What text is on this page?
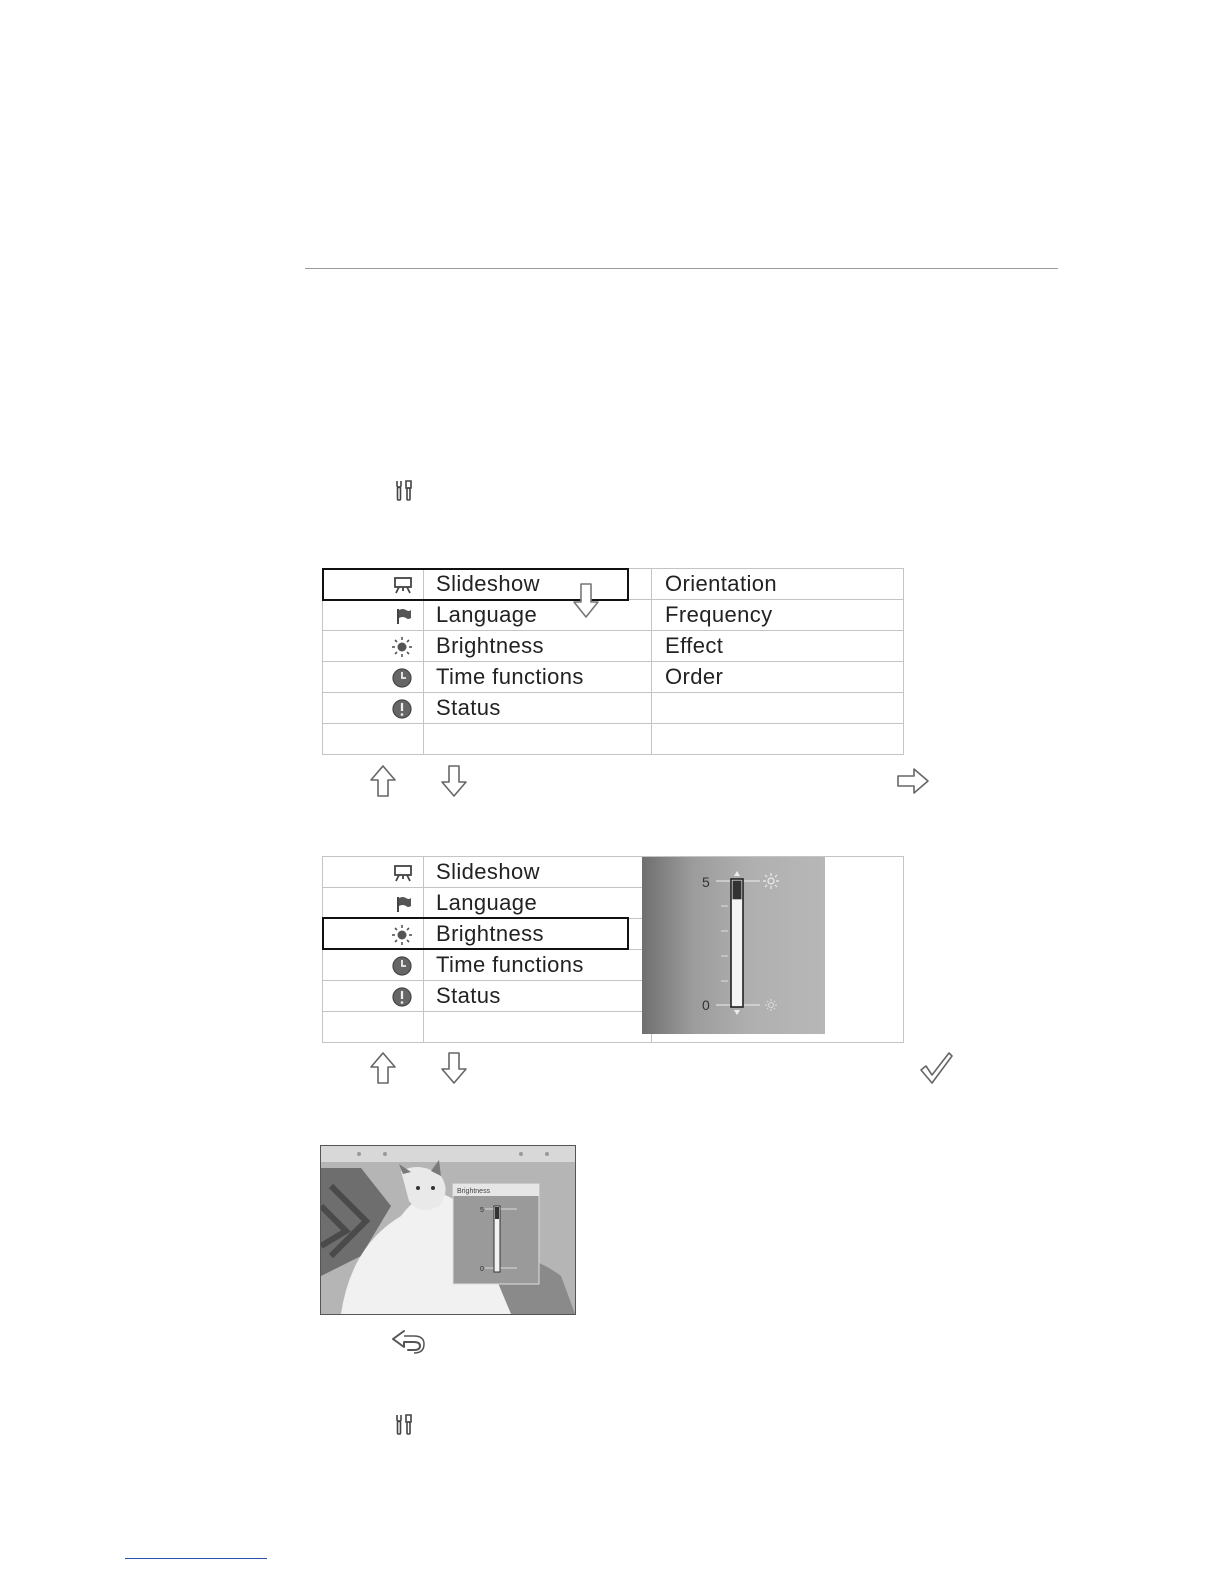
	Slideshow	Orientation
	Language	Frequency
	Brightness	Effect
	Time functions	Order
	Status	

	Slideshow	
	Language	
	Brightness	
	Time functions	
	Status	

5
0
Brightness
5
0
